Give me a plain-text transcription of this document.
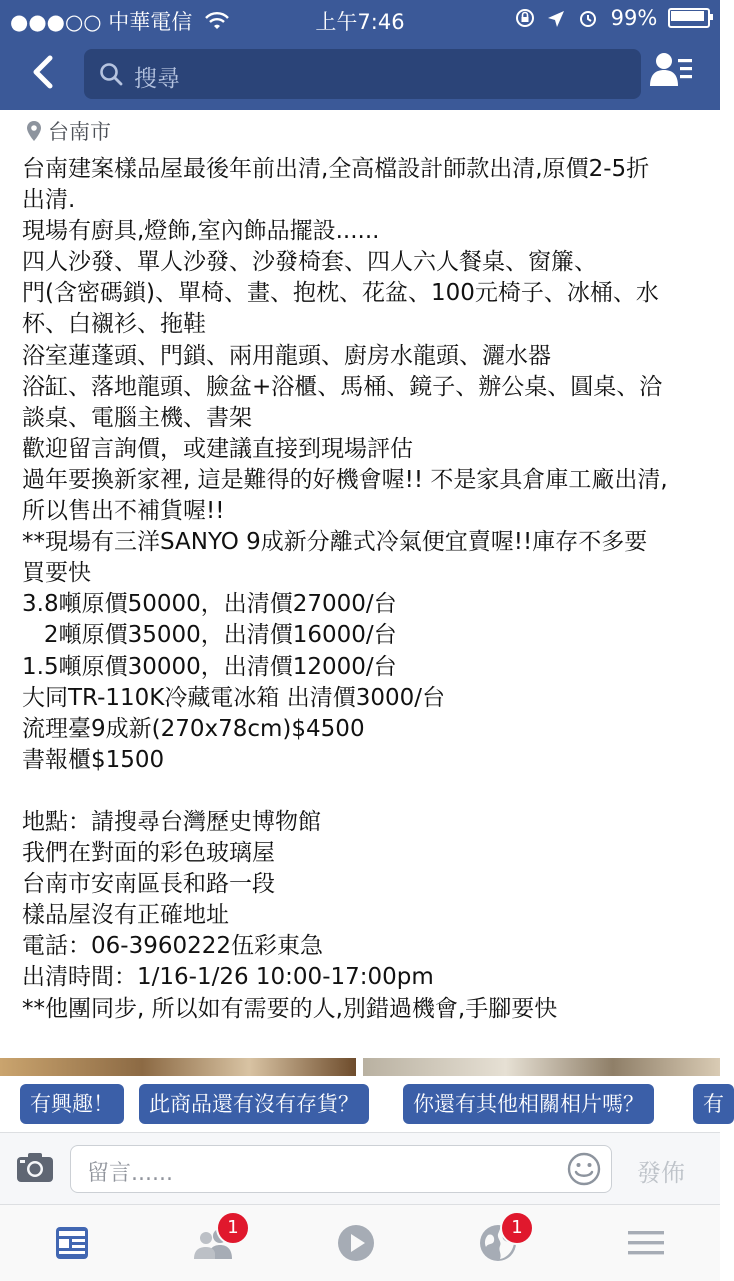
●●●○○ 中華電信	上午7:46	99%
搜尋
台南市
台南建案樣品屋最後年前出清,全高檔設計師款出清,原價2-5折
出清.
現場有廚具,燈飾,室內飾品擺設......
四人沙發、單人沙發、沙發椅套、四人六人餐桌、窗簾、
門(含密碼鎖)、單椅、畫、抱枕、花盆、100元椅子、冰桶、水
杯、白襯衫、拖鞋
浴室蓮蓬頭、門鎖、兩用龍頭、廚房水龍頭、灑水器
浴缸、落地龍頭、臉盆+浴櫃、馬桶、鏡子、辦公桌、圓桌、洽
談桌、電腦主機、書架
歡迎留言詢價，或建議直接到現場評估
過年要換新家裡, 這是難得的好機會喔!! 不是家具倉庫工廠出清,
所以售出不補貨喔!!
**現場有三洋SANYO 9成新分離式冷氣便宜賣喔!!庫存不多要
買要快
3.8噸原價50000，出清價27000/台
2噸原價35000，出清價16000/台
1.5噸原價30000，出清價12000/台
大同TR-110K冷藏電冰箱 出清價3000/台
流理臺9成新(270x78cm)$4500
書報櫃$1500
地點：請搜尋台灣歷史博物館
我們在對面的彩色玻璃屋
台南市安南區長和路一段
樣品屋沒有正確地址
電話：06-3960222伍彩東急
出清時間：1/16-1/26 10:00-17:00pm
**他團同步, 所以如有需要的人,別錯過機會,手腳要快
有興趣！	此商品還有沒有存貨？	你還有其他相關相片嗎？	有
留言......	發佈
1	1
